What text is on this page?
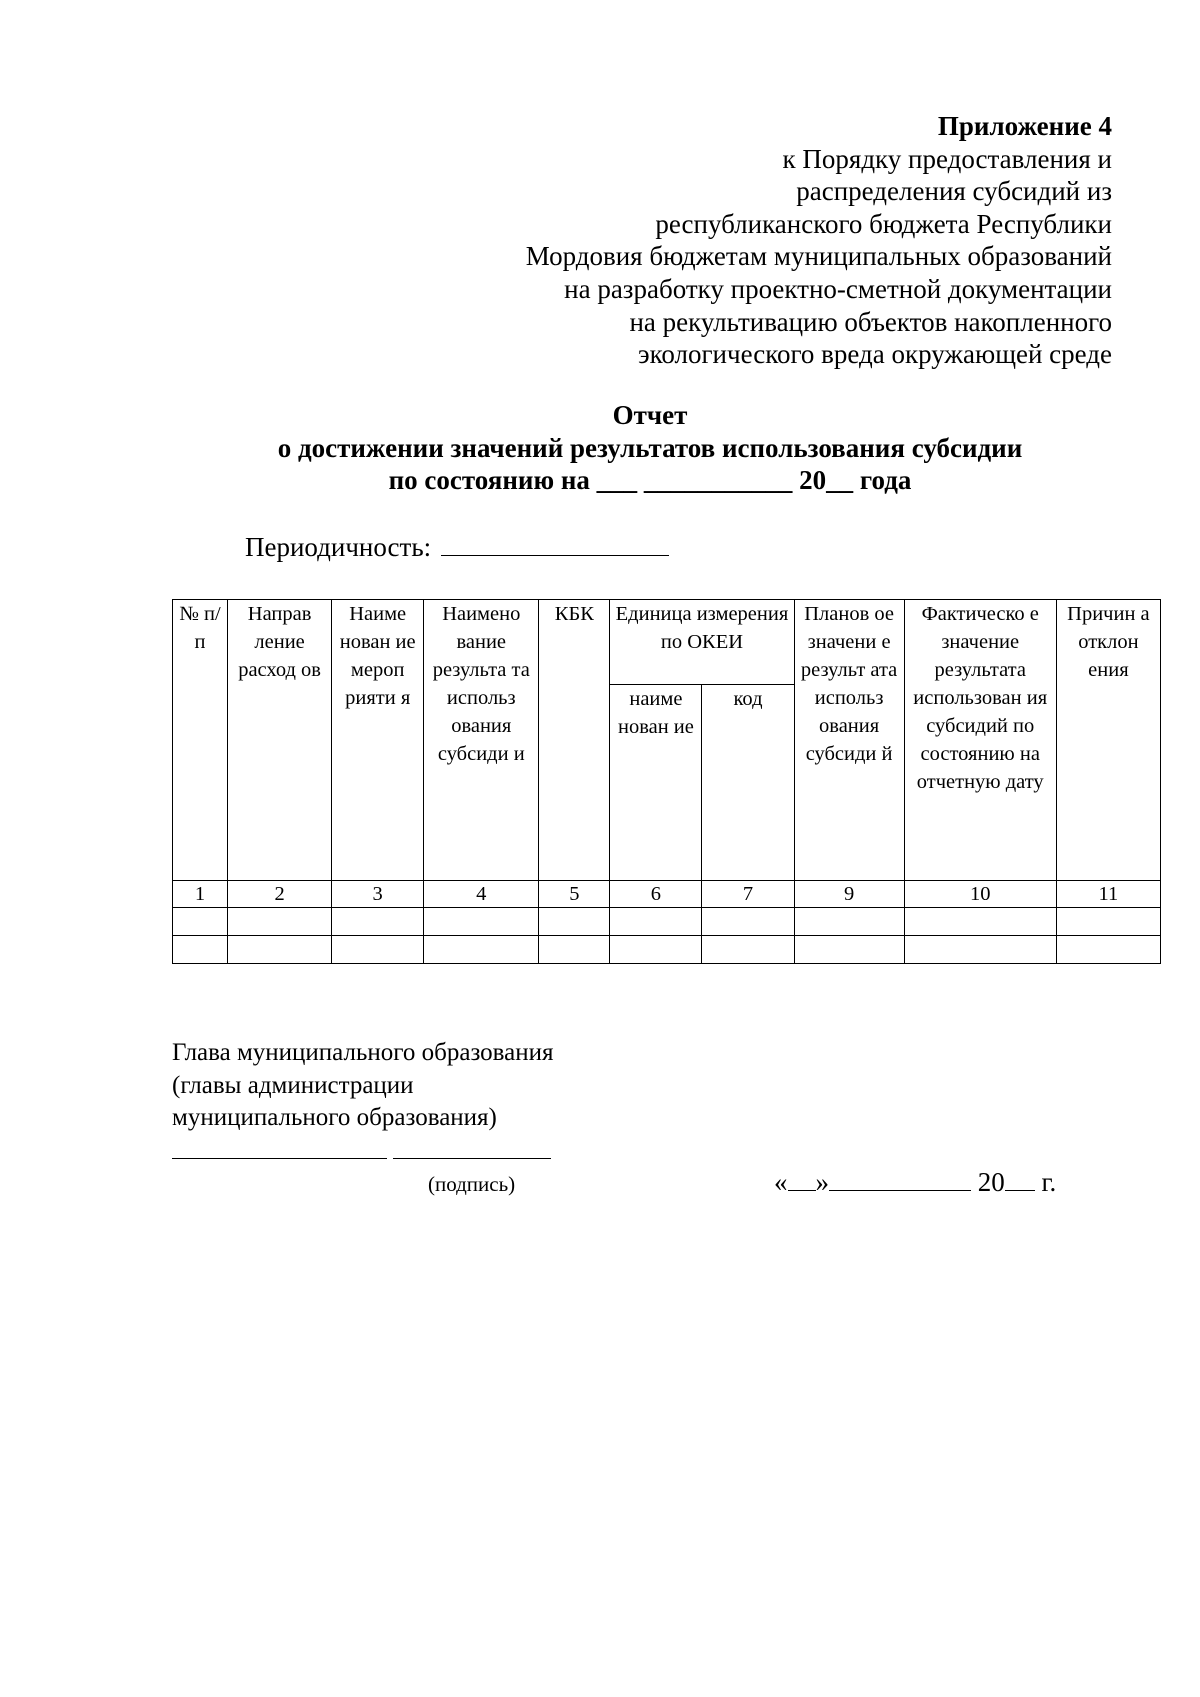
Приложение 4
к Порядку предоставления и
распределения субсидий из
республиканского бюджета Республики
Мордовия бюджетам муниципальных образований
на разработку проектно-сметной документации
на рекультивацию объектов накопленного
экологического вреда окружающей среде
Отчет
о достижении значений результатов использования субсидии
по состоянию на ___ ___________ 20__ года
Периодичность:
№ п/п	Направ ление расход ов	Наиме нован ие мероп рияти я	Наимено вание результа та использ ования субсиди и	КБК	Единица измерения по ОКЕИ		Планов ое значени е результ ата использ ования субсиди й	Фактическо е значение результата использован ия субсидий по состоянию на отчетную дату	Причин а отклон ения
					наиме нован ие	код			
1	2	3	4	5	6	7	9	10	11

Глава муниципального образования
(главы администрации
муниципального образования)
(подпись)	« »	20 г.
